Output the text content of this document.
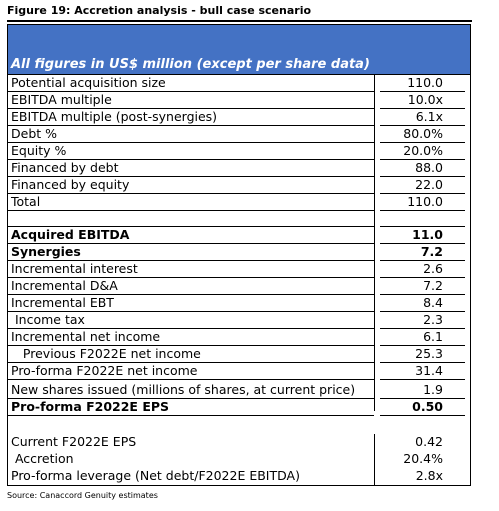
Figure 19: Accretion analysis - bull case scenario
All figures in US$ million (except per share data)
Potential acquisition size	110.0
EBITDA multiple	10.0x
EBITDA multiple (post-synergies)	6.1x
Debt %	80.0%
Equity %	20.0%
Financed by debt	88.0
Financed by equity	22.0
Total	110.0
Acquired EBITDA	11.0
Synergies	7.2
Incremental interest	2.6
Incremental D&A	7.2
Incremental EBT	8.4
Income tax	2.3
Incremental net income	6.1
Previous F2022E net income	25.3
Pro-forma F2022E net income	31.4
New shares issued (millions of shares, at current price)	1.9
Pro-forma F2022E EPS	0.50
Current F2022E EPS	0.42
Accretion	20.4%
Pro-forma leverage (Net debt/F2022E EBITDA)	2.8x
Source: Canaccord Genuity estimates
